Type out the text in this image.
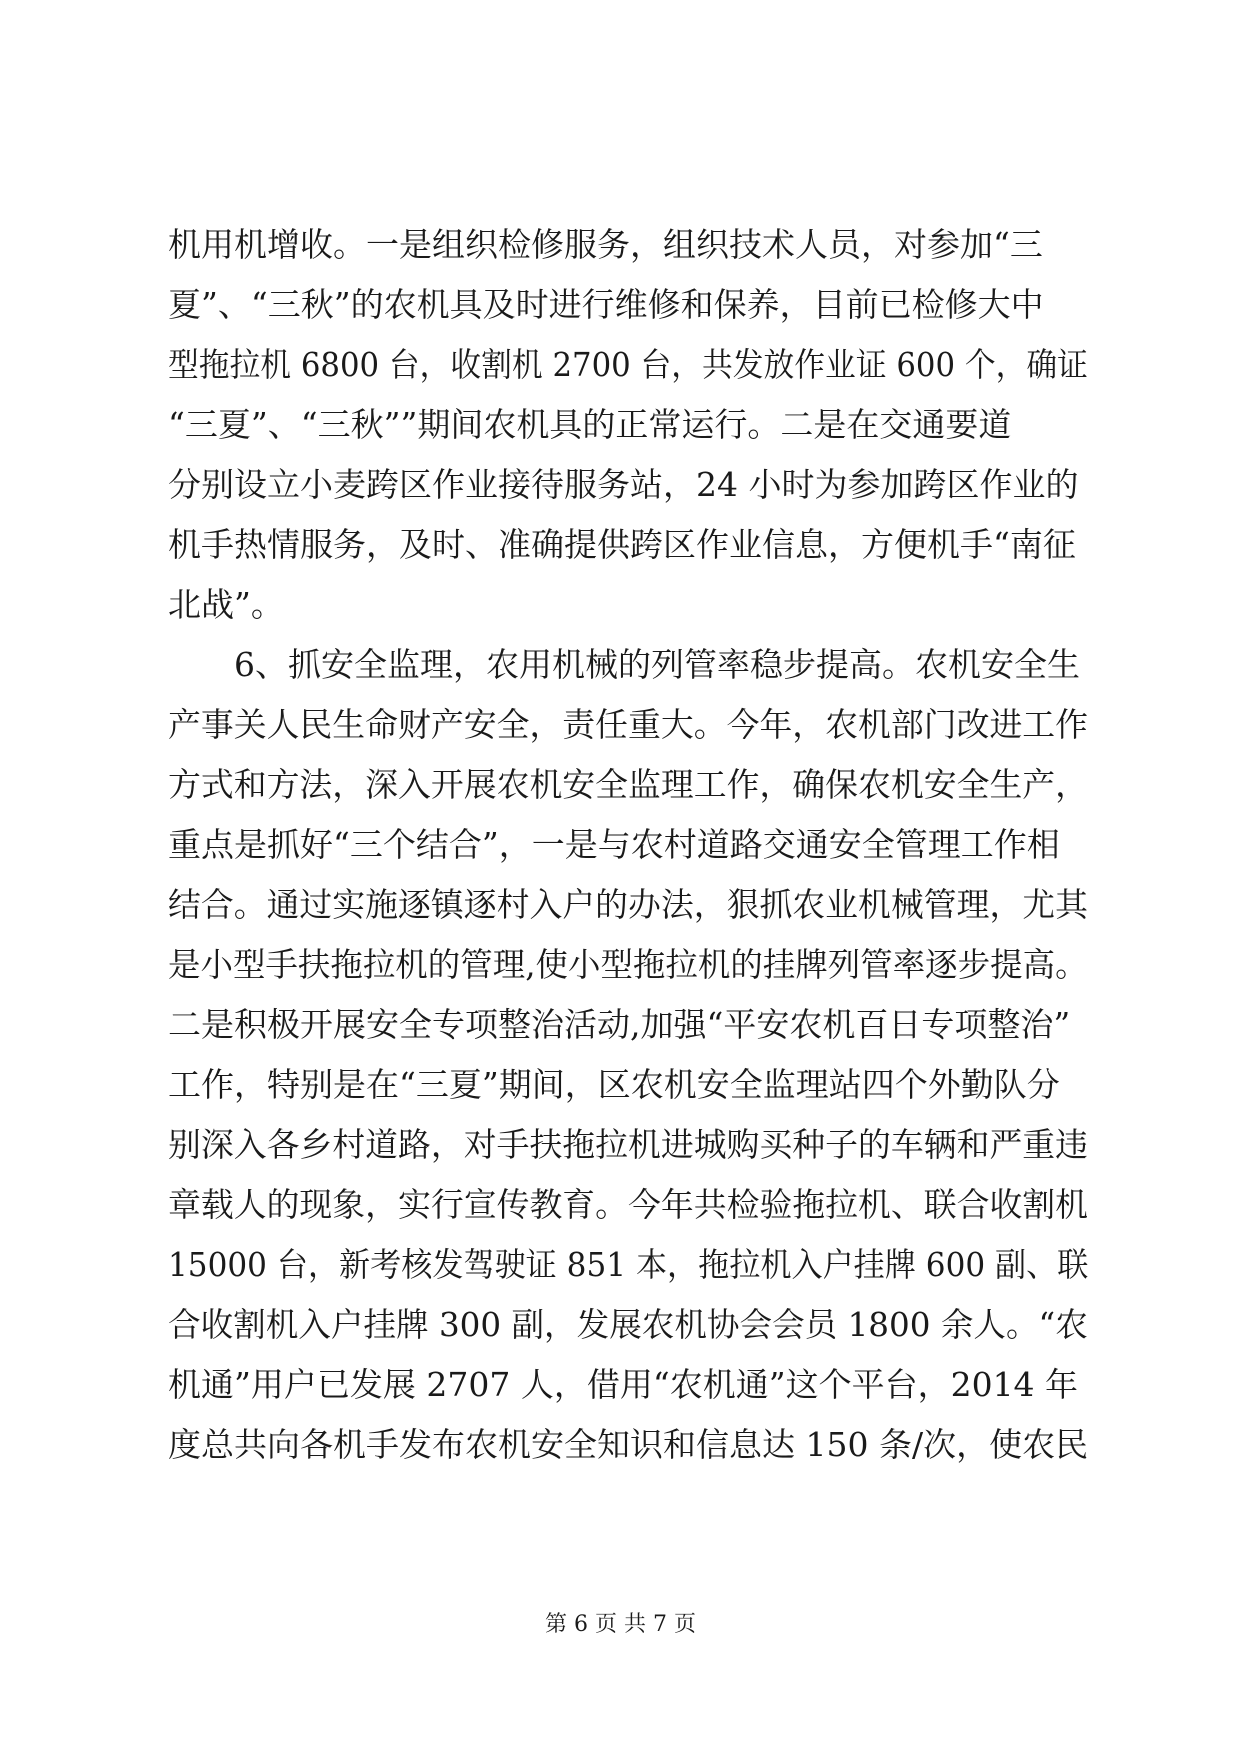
机用机增收。一是组织检修服务，组织技术人员，对参加“三
夏”、“三秋”的农机具及时进行维修和保养，目前已检修大中
型拖拉机 6800 台，收割机 2700 台，共发放作业证 600 个，确证
“三夏”、“三秋””期间农机具的正常运行。二是在交通要道
分别设立小麦跨区作业接待服务站，24 小时为参加跨区作业的
机手热情服务，及时、准确提供跨区作业信息，方便机手“南征
北战”。
6、抓安全监理，农用机械的列管率稳步提高。农机安全生
产事关人民生命财产安全，责任重大。今年，农机部门改进工作
方式和方法，深入开展农机安全监理工作，确保农机安全生产，
重点是抓好“三个结合”，一是与农村道路交通安全管理工作相
结合。通过实施逐镇逐村入户的办法，狠抓农业机械管理，尤其
是小型手扶拖拉机的管理,使小型拖拉机的挂牌列管率逐步提高。
二是积极开展安全专项整治活动,加强“平安农机百日专项整治”
工作，特别是在“三夏”期间，区农机安全监理站四个外勤队分
别深入各乡村道路，对手扶拖拉机进城购买种子的车辆和严重违
章载人的现象，实行宣传教育。今年共检验拖拉机、联合收割机
15000 台，新考核发驾驶证 851 本，拖拉机入户挂牌 600 副、联
合收割机入户挂牌 300 副，发展农机协会会员 1800 余人。“农
机通”用户已发展 2707 人，借用“农机通”这个平台，2014 年
度总共向各机手发布农机安全知识和信息达 150 条/次，使农民
第 6 页 共 7 页
